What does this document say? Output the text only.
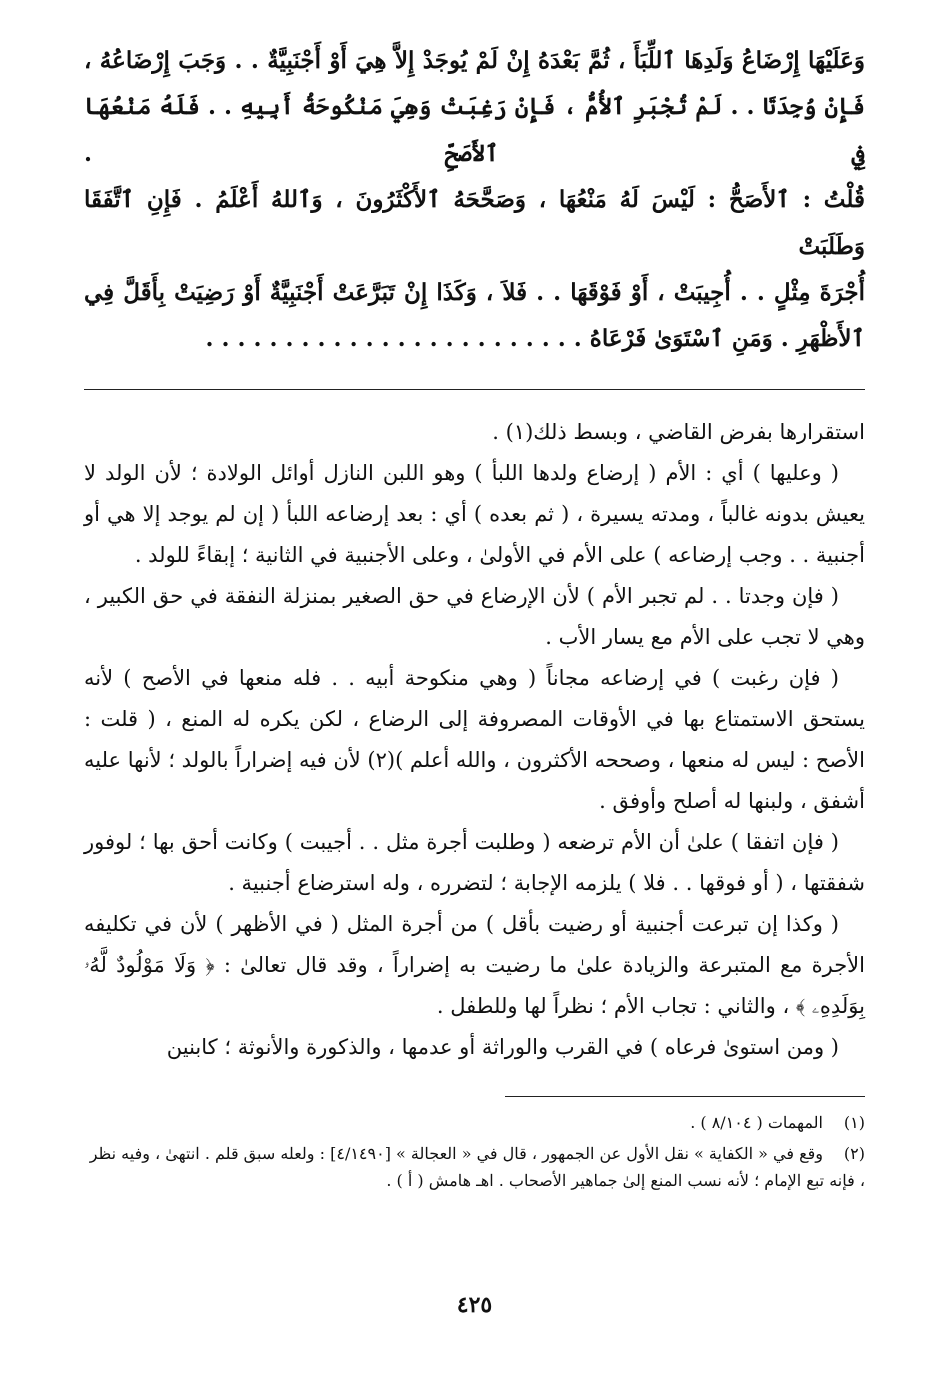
وَعَلَيْهَا إِرْضَاعُ وَلَدِهَا ٱللِّبَأَ ، ثُمَّ بَعْدَهُ إِنْ لَمْ يُوجَدْ إِلاَّ هِيَ أَوْ أَجْنَبِيَّةٌ . . وَجَبَ إِرْضَاعُهُ ،

فَإِنْ وُجِدَتَا . . لَمْ تُجْبَرِ ٱلأُمُّ ، فَإِنْ رَغِبَتْ وَهِيَ مَنْكُوحَةُ أَبِيهِ . . فَلَهُ مَنْعُهَا فِي ٱلأَصَحِّ .

قُلْتُ : ٱلأَصَحُّ : لَيْسَ لَهُ مَنْعُهَا ، وَصَحَّحَهُ ٱلأَكْثَرُونَ ، وَٱللهُ أَعْلَمُ . فَإِنِ ٱتَّفَقَا وَطَلَبَتْ

أُجْرَةَ مِثْلٍ . . أُجِيبَتْ ، أَوْ فَوْقَهَا . . فَلاَ ، وَكَذَا إِنْ تَبَرَّعَتْ أَجْنَبِيَّةٌ أَوْ رَضِيَتْ بِأَقَلَّ فِي

ٱلأَظْهَرِ . وَمَنِ ٱسْتَوَىٰ فَرْعَاهُ . . . . . . . . . . . . . . . . . . . . . . . .

استقرارها بفرض القاضي ، وبسط ذلك(١) .

( وعليها ) أي : الأم ( إرضاع ولدها اللبأ ) وهو اللبن النازل أوائل الولادة ؛ لأن الولد لا يعيش بدونه غالباً ، ومدته يسيرة ، ( ثم بعده ) أي : بعد إرضاعه اللبأ ( إن لم يوجد إلا هي أو أجنبية . . وجب إرضاعه ) على الأم في الأولىٰ ، وعلى الأجنبية في الثانية ؛ إبقاءً للولد .

( فإن وجدتا . . لم تجبر الأم ) لأن الإرضاع في حق الصغير بمنزلة النفقة في حق الكبير ، وهي لا تجب على الأم مع يسار الأب .

( فإن رغبت ) في إرضاعه مجاناً ( وهي منكوحة أبيه . . فله منعها في الأصح ) لأنه يستحق الاستمتاع بها في الأوقات المصروفة إلى الرضاع ، لكن يكره له المنع ، ( قلت : الأصح : ليس له منعها ، وصححه الأكثرون ، والله أعلم )(٢) لأن فيه إضراراً بالولد ؛ لأنها عليه أشفق ، ولبنها له أصلح وأوفق .

( فإن اتفقا ) علىٰ أن الأم ترضعه ( وطلبت أجرة مثل . . أجيبت ) وكانت أحق بها ؛ لوفور شفقتها ، ( أو فوقها . . فلا ) يلزمه الإجابة ؛ لتضرره ، وله استرضاع أجنبية .

( وكذا إن تبرعت أجنبية أو رضيت بأقل ) من أجرة المثل ( في الأظهر ) لأن في تكليفه الأجرة مع المتبرعة والزيادة علىٰ ما رضيت به إضراراً ، وقد قال تعالىٰ : ﴿ وَلَا مَوْلُودٌ لَّهُۥ بِوَلَدِهِۦ ﴾ ، والثاني : تجاب الأم ؛ نظراً لها وللطفل .

( ومن استوىٰ فرعاه ) في القرب والوراثة أو عدمها ، والذكورة والأنوثة ؛ كابنين

(١)المهمات ( ٨/١٠٤ ) .

(٢)وقع في « الكفاية » نقل الأول عن الجمهور ، قال في « العجالة » [٤/١٤٩٠] : ولعله سبق قلم . انتهىٰ ، وفيه نظر ، فإنه تبع الإمام ؛ لأنه نسب المنع إلىٰ جماهير الأصحاب . اهـ هامش ( أ ) .

٤٢٥
